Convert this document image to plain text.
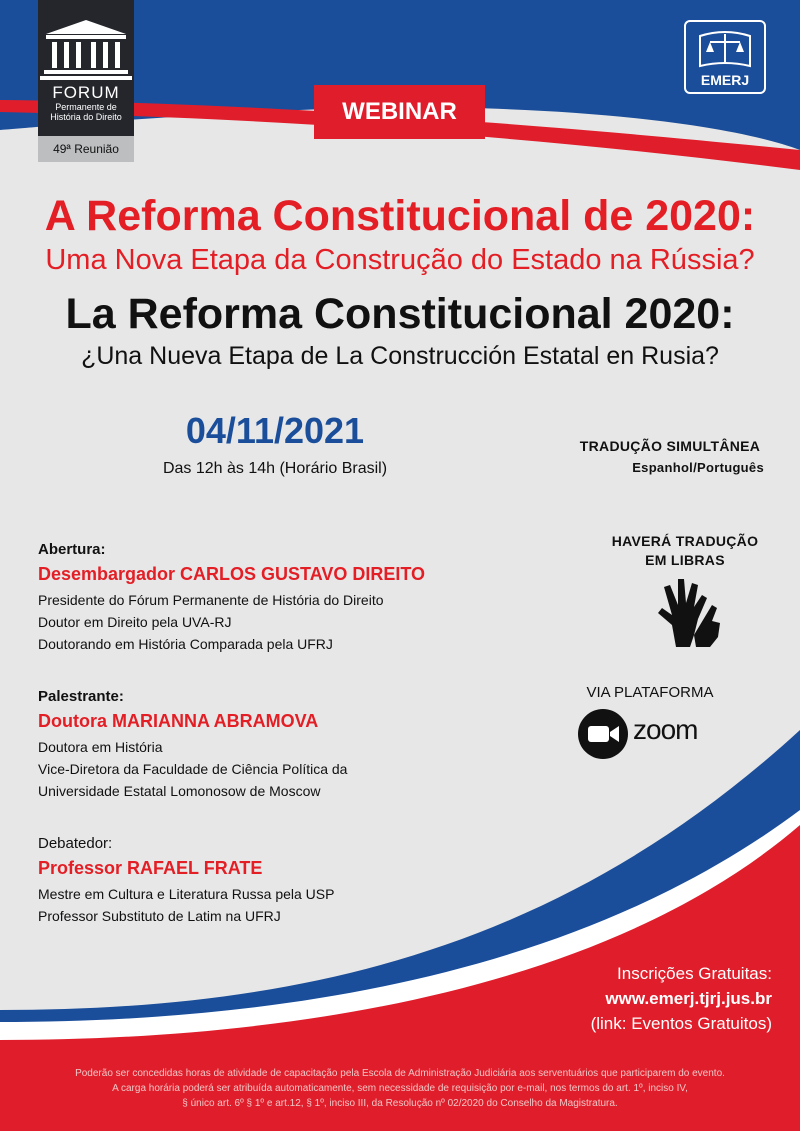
FORUM
Permanente de
História do Direito
49ª Reunião
EMERJ
WEBINAR
A Reforma Constitucional de 2020:
Uma Nova Etapa da Construção do Estado na Rússia?
La Reforma Constitucional 2020:
¿Una Nueva Etapa de La Construcción Estatal en Rusia?
04/11/2021
Das 12h às 14h (Horário Brasil)
TRADUÇÃO SIMULTÂNEA
Espanhol/Português
HAVERÁ TRADUÇÃO
EM LIBRAS
VIA PLATAFORMA
zoom
Abertura:
Desembargador CARLOS GUSTAVO DIREITO
Presidente do Fórum Permanente de História do Direito
Doutor em Direito pela UVA-RJ
Doutorando em História Comparada pela UFRJ
Palestrante:
Doutora MARIANNA ABRAMOVA
Doutora em História
Vice-Diretora da Faculdade de Ciência Política da
Universidade Estatal Lomonosow de Moscow
Debatedor:
Professor RAFAEL FRATE
Mestre em Cultura e Literatura Russa pela USP
Professor Substituto de Latim na UFRJ
Inscrições Gratuitas:
www.emerj.tjrj.jus.br
(link: Eventos Gratuitos)
Poderão ser concedidas horas de atividade de capacitação pela Escola de Administração Judiciária aos serventuários que participarem do evento.
A carga horária poderá ser atribuída automaticamente, sem necessidade de requisição por e-mail, nos termos do art. 1º, inciso IV,
§ único art. 6º § 1º e art.12, § 1º, inciso III, da Resolução nº 02/2020 do Conselho da Magistratura.
